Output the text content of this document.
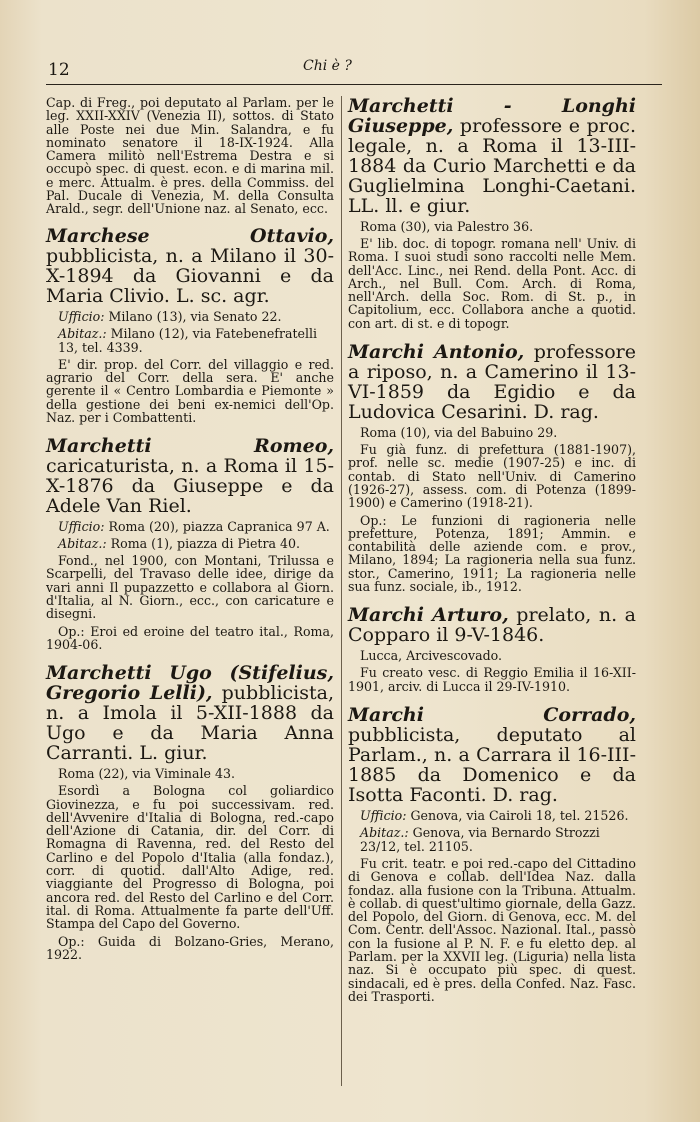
12	Chi è ?
Cap. di Freg., poi deputato al Parlam. per le leg. XXII-XXIV (Venezia II), sottos. di Stato alle Poste nei due Min. Salandra, e fu nominato senatore il 18-IX-1924. Alla Camera militò nell'Estrema Destra e si occupò spec. di quest. econ. e di marina mil. e merc. Attualm. è pres. della Commiss. del Pal. Ducale di Venezia, M. della Consulta Arald., segr. dell'Unione naz. al Senato, ecc.
Marchese Ottavio, pubblicista, n. a Milano il 30-X-1894 da Giovanni e da Maria Clivio. L. sc. agr.
Ufficio: Milano (13), via Senato 22.
Abitaz.: Milano (12), via Fatebenefratelli 13, tel. 4339.
E' dir. prop. del Corr. del villaggio e red. agrario del Corr. della sera. E' anche gerente il « Centro Lombardia e Piemonte » della gestione dei beni ex-nemici dell'Op. Naz. per i Combattenti.
Marchetti Romeo, caricaturista, n. a Roma il 15-X-1876 da Giuseppe e da Adele Van Riel.
Ufficio: Roma (20), piazza Capranica 97 A.
Abitaz.: Roma (1), piazza di Pietra 40.
Fond., nel 1900, con Montani, Trilussa e Scarpelli, del Travaso delle idee, dirige da vari anni Il pupazzetto e collabora al Giorn. d'Italia, al N. Giorn., ecc., con caricature e disegni.
Op.: Eroi ed eroine del teatro ital., Roma, 1904-06.
Marchetti Ugo (Stifelius, Gregorio Lelli), pubblicista, n. a Imola il 5-XII-1888 da Ugo e da Maria Anna Carranti. L. giur.
Roma (22), via Viminale 43.
Esordì a Bologna col goliardico Giovinezza, e fu poi successivam. red. dell'Avvenire d'Italia di Bologna, red.-capo dell'Azione di Catania, dir. del Corr. di Romagna di Ravenna, red. del Resto del Carlino e del Popolo d'Italia (alla fondaz.), corr. di quotid. dall'Alto Adige, red. viaggiante del Progresso di Bologna, poi ancora red. del Resto del Carlino e del Corr. ital. di Roma. Attualmente fa parte dell'Uff. Stampa del Capo del Governo.
Op.: Guida di Bolzano-Gries, Merano, 1922.
Marchetti - Longhi Giuseppe, professore e proc. legale, n. a Roma il 13-III-1884 da Curio Marchetti e da Guglielmina Longhi-Caetani. LL. ll. e giur.
Roma (30), via Palestro 36.
E' lib. doc. di topogr. romana nell' Univ. di Roma. I suoi studi sono raccolti nelle Mem. dell'Acc. Linc., nei Rend. della Pont. Acc. di Arch., nel Bull. Com. Arch. di Roma, nell'Arch. della Soc. Rom. di St. p., in Capitolium, ecc. Collabora anche a quotid. con art. di st. e di topogr.
Marchi Antonio, professore a riposo, n. a Camerino il 13-VI-1859 da Egidio e da Ludovica Cesarini. D. rag.
Roma (10), via del Babuino 29.
Fu già funz. di prefettura (1881-1907), prof. nelle sc. medie (1907-25) e inc. di contab. di Stato nell'Univ. di Camerino (1926-27), assess. com. di Potenza (1899-1900) e Camerino (1918-21).
Op.: Le funzioni di ragioneria nelle prefetture, Potenza, 1891; Ammin. e contabilità delle aziende com. e prov., Milano, 1894; La ragioneria nella sua funz. stor., Camerino, 1911; La ragioneria nelle sua funz. sociale, ib., 1912.
Marchi Arturo, prelato, n. a Copparo il 9-V-1846.
Lucca, Arcivescovado.
Fu creato vesc. di Reggio Emilia il 16-XII-1901, arciv. di Lucca il 29-IV-1910.
Marchi Corrado, pubblicista, deputato al Parlam., n. a Carrara il 16-III-1885 da Domenico e da Isotta Faconti. D. rag.
Ufficio: Genova, via Cairoli 18, tel. 21526.
Abitaz.: Genova, via Bernardo Strozzi 23/12, tel. 21105.
Fu crit. teatr. e poi red.-capo del Cittadino di Genova e collab. dell'Idea Naz. dalla fondaz. alla fusione con la Tribuna. Attualm. è collab. di quest'ultimo giornale, della Gazz. del Popolo, del Giorn. di Genova, ecc. M. del Com. Centr. dell'Assoc. Nazional. Ital., passò con la fusione al P. N. F. e fu eletto dep. al Parlam. per la XXVII leg. (Liguria) nella lista naz. Si è occupato più spec. di quest. sindacali, ed è pres. della Confed. Naz. Fasc. dei Trasporti.
